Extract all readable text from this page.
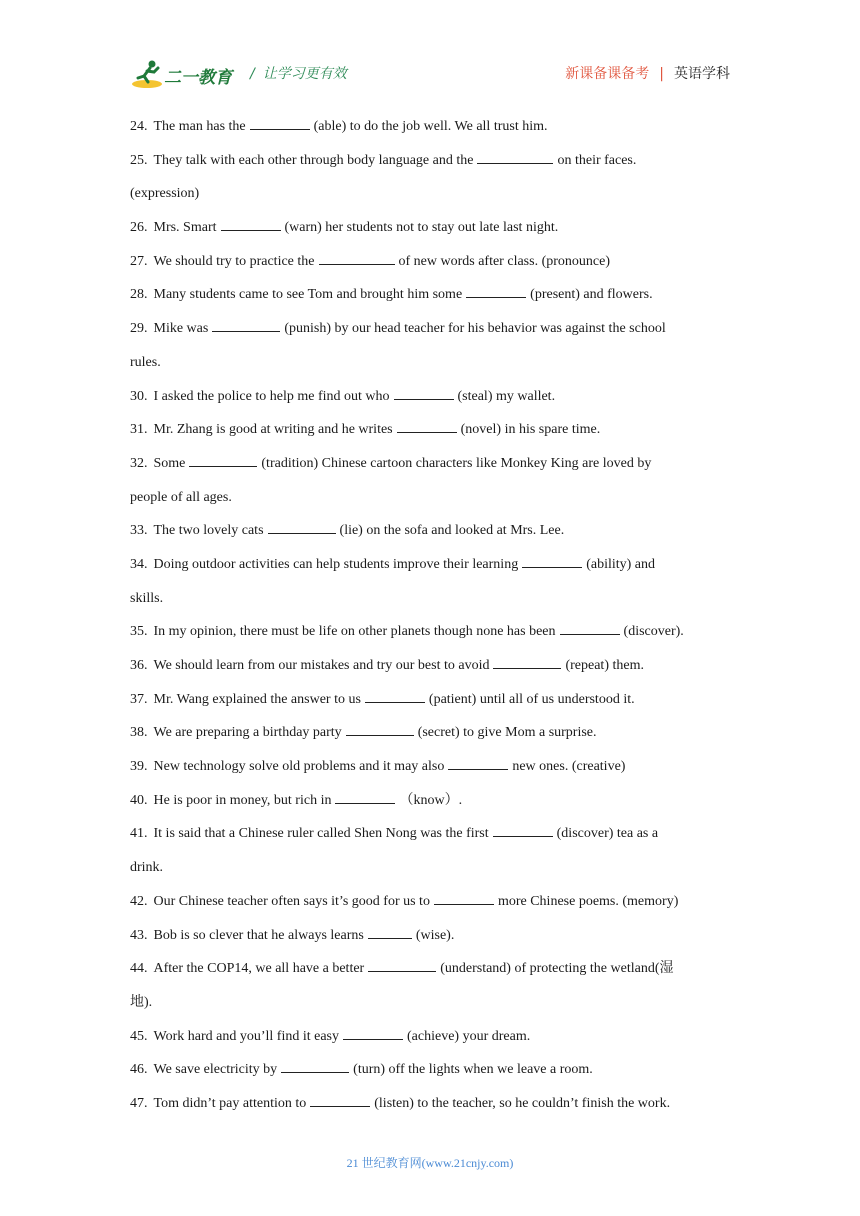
二一教育 / 让学习更有效	新课备课备考 | 英语学科
24. The man has the	(able) to do the job well. We all trust him.
25. They talk with each other through body language and the	on their faces.
(expression)
26. Mrs. Smart	(warn) her students not to stay out late last night.
27. We should try to practice the	of new words after class. (pronounce)
28. Many students came to see Tom and brought him some	(present) and flowers.
29. Mike was	(punish) by our head teacher for his behavior was against the school
rules.
30. I asked the police to help me find out who	(steal) my wallet.
31. Mr. Zhang is good at writing and he writes	(novel) in his spare time.
32. Some	(tradition) Chinese cartoon characters like Monkey King are loved by
people of all ages.
33. The two lovely cats	(lie) on the sofa and looked at Mrs. Lee.
34. Doing outdoor activities can help students improve their learning	(ability) and
skills.
35. In my opinion, there must be life on other planets though none has been	(discover).
36. We should learn from our mistakes and try our best to avoid	(repeat) them.
37. Mr. Wang explained the answer to us	(patient) until all of us understood it.
38. We are preparing a birthday party	(secret) to give Mom a surprise.
39. New technology solve old problems and it may also	new ones. (creative)
40. He is poor in money, but rich in	（know）.
41. It is said that a Chinese ruler called Shen Nong was the first	(discover) tea as a
drink.
42. Our Chinese teacher often says it’s good for us to	more Chinese poems. (memory)
43. Bob is so clever that he always learns	(wise).
44. After the COP14, we all have a better	(understand) of protecting the wetland(湿
地).
45. Work hard and you’ll find it easy	(achieve) your dream.
46. We save electricity by	(turn) off the lights when we leave a room.
47. Tom didn’t pay attention to	(listen) to the teacher, so he couldn’t finish the work.
21 世纪教育网(www.21cnjy.com)
